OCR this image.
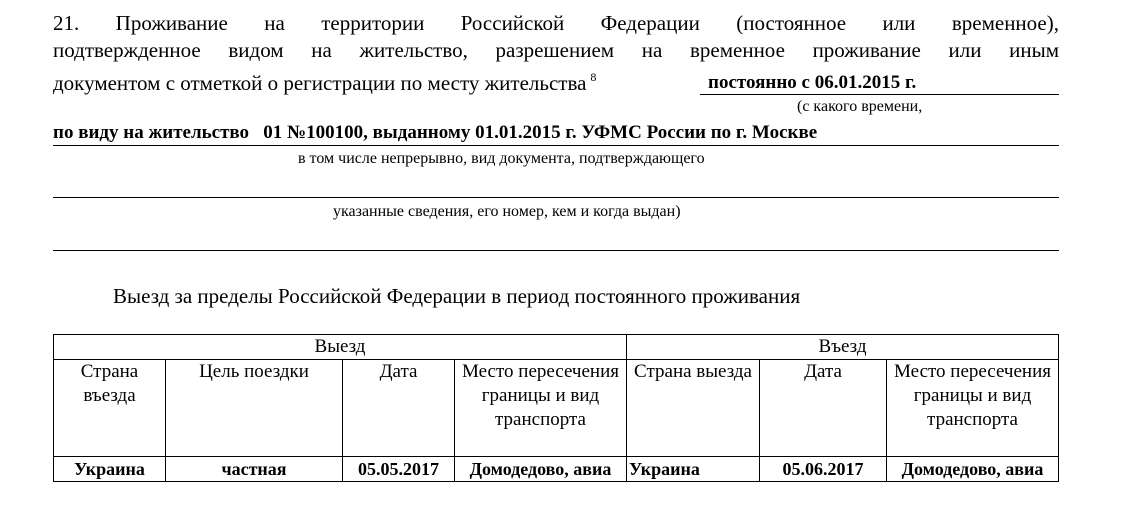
21. Проживание на территории Российской Федерации (постоянное или временное),
подтвержденное видом на жительство, разрешением на временное проживание или иным
документом с отметкой о регистрации по месту жительства $^8$	постоянно с 06.01.2015 г.
(с какого времени,
по виду на жительство   01 №100100, выданному 01.01.2015 г. УФМС России по г. Москве
в том числе непрерывно, вид документа, подтверждающего
указанные сведения, его номер, кем и когда выдан)
Выезд за пределы Российской Федерации в период постоянного проживания
Выезд				Въезд		
Страна въезда	Цель поездки	Дата	Место пересечения границы и вид транспорта	Страна выезда	Дата	Место пересечения границы и вид транспорта
Украина	частная	05.05.2017	Домодедово, авиа	Украина	05.06.2017	Домодедово, авиа
